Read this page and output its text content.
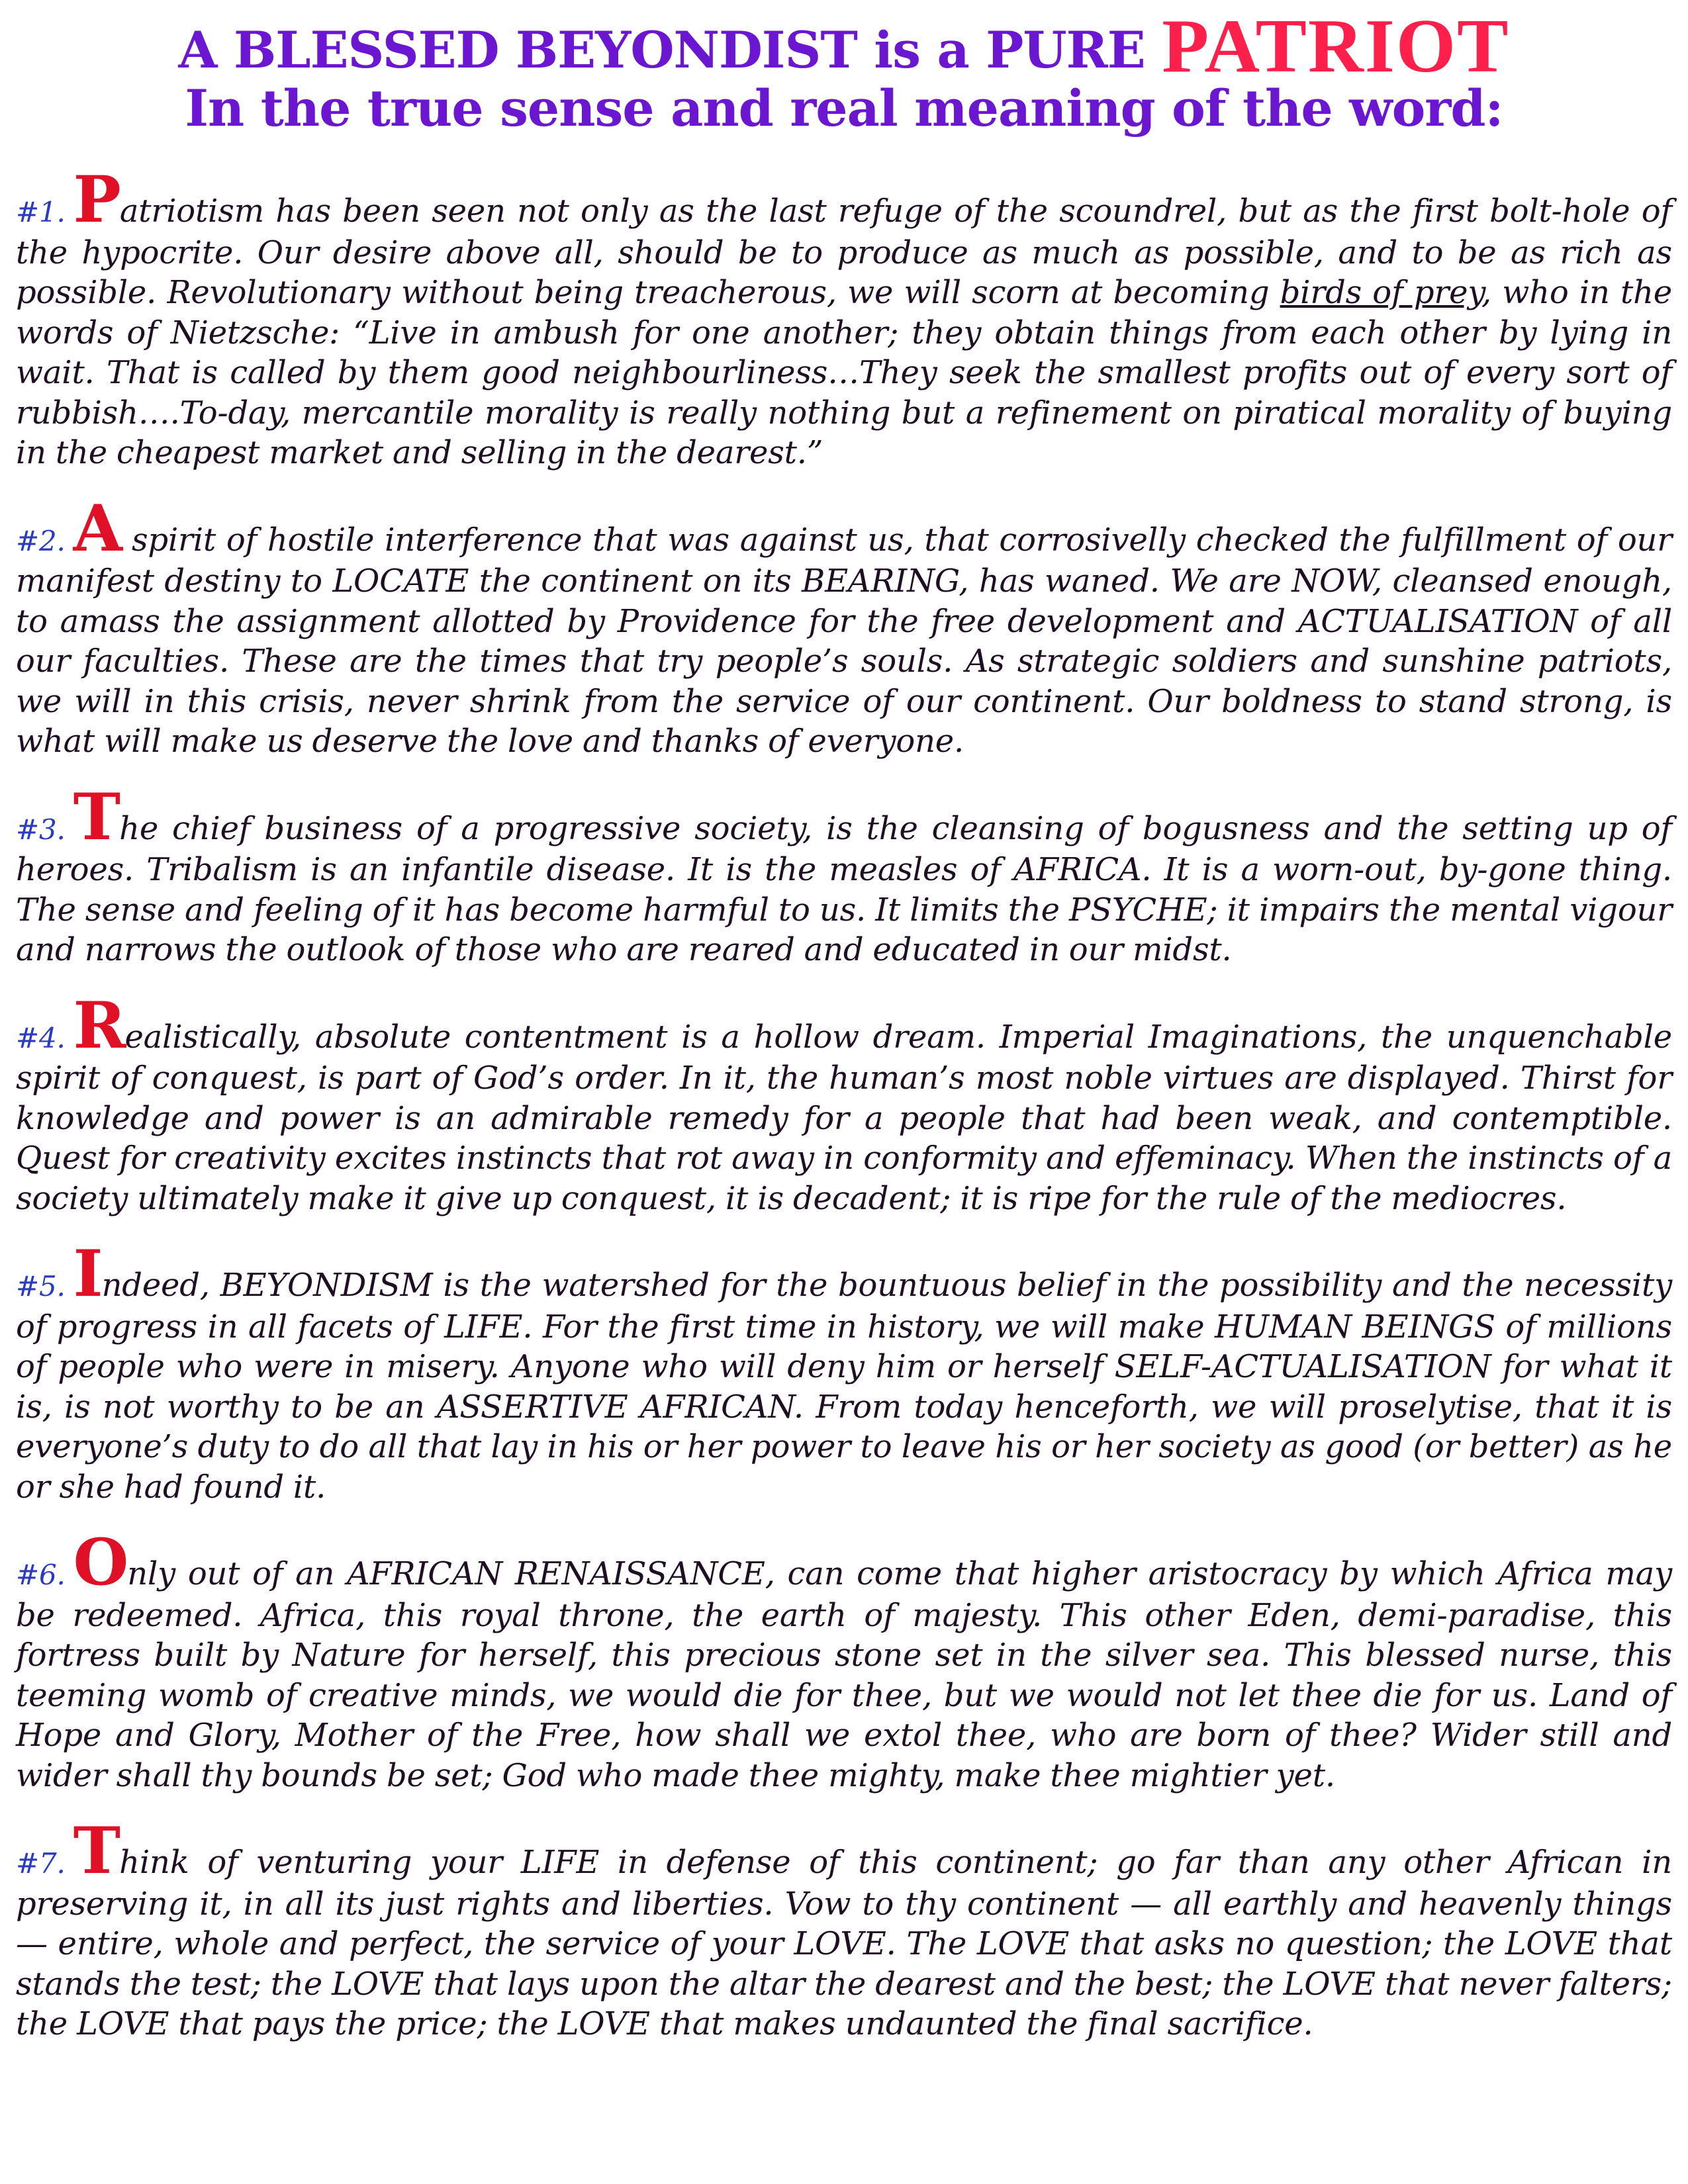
A BLESSED BEYONDIST is a PURE PATRIOT
In the true sense and real meaning of the word:

#1. Patriotism has been seen not only as the last refuge of the scoundrel, but as the first bolt-hole of the hypocrite. Our desire above all, should be to produce as much as possible, and to be as rich as possible. Revolutionary without being treacherous, we will scorn at becoming birds of prey, who in the words of Nietzsche: “Live in ambush for one another; they obtain things from each other by lying in wait. That is called by them good neighbourliness…They seek the smallest profits out of every sort of rubbish….To-day, mercantile morality is really nothing but a refinement on piratical morality of buying in the cheapest market and selling in the dearest.”

#2. A spirit of hostile interference that was against us, that corrosivelly checked the fulfillment of our manifest destiny to LOCATE the continent on its BEARING, has waned. We are NOW, cleansed enough, to amass the assignment allotted by Providence for the free development and ACTUALISATION of all our faculties. These are the times that try people’s souls. As strategic soldiers and sunshine patriots, we will in this crisis, never shrink from the service of our continent. Our boldness to stand strong, is what will make us deserve the love and thanks of everyone.

#3. The chief business of a progressive society, is the cleansing of bogusness and the setting up of heroes. Tribalism is an infantile disease. It is the measles of AFRICA. It is a worn-out, by-gone thing. The sense and feeling of it has become harmful to us. It limits the PSYCHE; it impairs the mental vigour and narrows the outlook of those who are reared and educated in our midst.

#4. Realistically, absolute contentment is a hollow dream. Imperial Imaginations, the unquenchable spirit of conquest, is part of God’s order. In it, the human’s most noble virtues are displayed. Thirst for knowledge and power is an admirable remedy for a people that had been weak, and contemptible. Quest for creativity excites instincts that rot away in conformity and effeminacy. When the instincts of a society ultimately make it give up conquest, it is decadent; it is ripe for the rule of the mediocres.

#5. Indeed, BEYONDISM is the watershed for the bountuous belief in the possibility and the necessity of progress in all facets of LIFE. For the first time in history, we will make HUMAN BEINGS of millions of people who were in misery. Anyone who will deny him or herself SELF-ACTUALISATION for what it is, is not worthy to be an ASSERTIVE AFRICAN. From today henceforth, we will proselytise, that it is everyone’s duty to do all that lay in his or her power to leave his or her society as good (or better) as he or she had found it.

#6. Only out of an AFRICAN RENAISSANCE, can come that higher aristocracy by which Africa may be redeemed. Africa, this royal throne, the earth of majesty. This other Eden, demi-paradise, this fortress built by Nature for herself, this precious stone set in the silver sea. This blessed nurse, this teeming womb of creative minds, we would die for thee, but we would not let thee die for us. Land of Hope and Glory, Mother of the Free, how shall we extol thee, who are born of thee? Wider still and wider shall thy bounds be set; God who made thee mighty, make thee mightier yet.

#7. Think of venturing your LIFE in defense of this continent; go far than any other African in preserving it, in all its just rights and liberties. Vow to thy continent — all earthly and heavenly things — entire, whole and perfect, the service of your LOVE. The LOVE that asks no question; the LOVE that stands the test; the LOVE that lays upon the altar the dearest and the best; the LOVE that never falters; the LOVE that pays the price; the LOVE that makes undaunted the final sacrifice.
